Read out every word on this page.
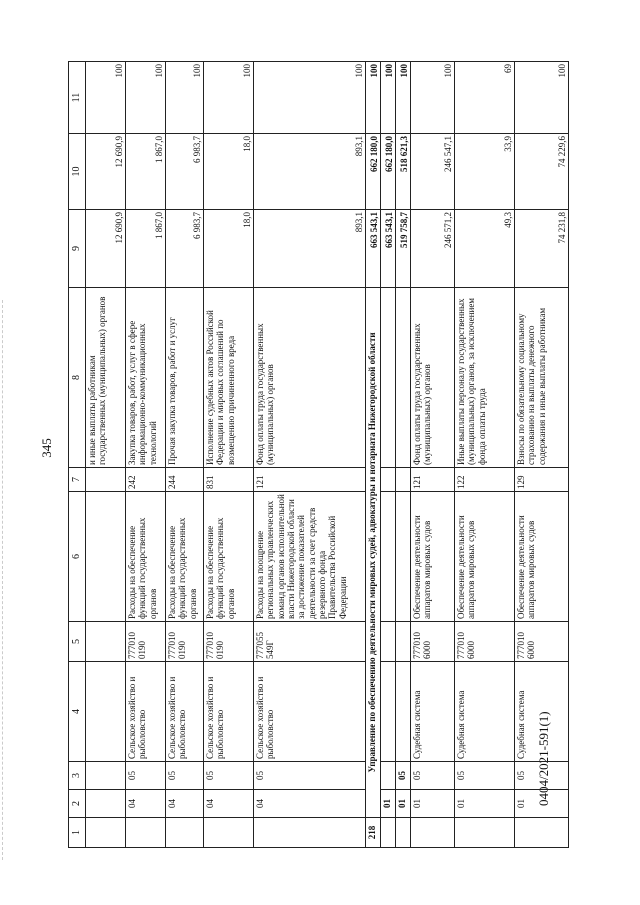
345
0404/2021-591(1)
1	2	3	4	5	6	7	8	9	10	11
							и иные выплаты работникам государственных (муниципальных) органов	12 690,9	12 690,9	100
	04	05	Сельское хозяйство и рыболовство	777010 0190	Расходы на обеспечение функций государственных органов	242	Закупка товаров, работ, услуг в сфере информационно-коммуникационных технологий	1 867,0	1 867,0	100
	04	05	Сельское хозяйство и рыболовство	777010 0190	Расходы на обеспечение функций государственных органов	244	Прочая закупка товаров, работ и услуг	6 983,7	6 983,7	100
	04	05	Сельское хозяйство и рыболовство	777010 0190	Расходы на обеспечение функций государственных органов	831	Исполнение судебных актов Российской Федерации и мировых соглашений по возмещению причиненного вреда	18,0	18,0	100
	04	05	Сельское хозяйство и рыболовство	777055 549Г	Расходы на поощрение региональных управленческих команд органов исполнительной власти Нижегородской области за достижение показателей деятельности за счет средств резервного фонда Правительства Российской Федерации	121	Фонд оплаты труда государственных (муниципальных) органов	893,1	893,1	100
218	Управление по обеспечению деятельности мировых судей, адвокатуры и нотариата Нижегородской области							663 543,1	662 180,0	100
	01							663 543,1	662 180,0	100
	01	05						519 758,7	518 621,3	100
	01	05	Судебная система	777010 6000	Обеспечение деятельности аппаратов мировых судов	121	Фонд оплаты труда государственных (муниципальных) органов	246 571,2	246 547,1	100
	01	05	Судебная система	777010 6000	Обеспечение деятельности аппаратов мировых судов	122	Иные выплаты персоналу государственных (муниципальных) органов, за исключением фонда оплаты труда	49,3	33,9	69
	01	05	Судебная система	777010 6000	Обеспечение деятельности аппаратов мировых судов	129	Взносы по обязательному социальному страхованию на выплаты денежного содержания и иные выплаты работникам	74 231,8	74 229,6	100
